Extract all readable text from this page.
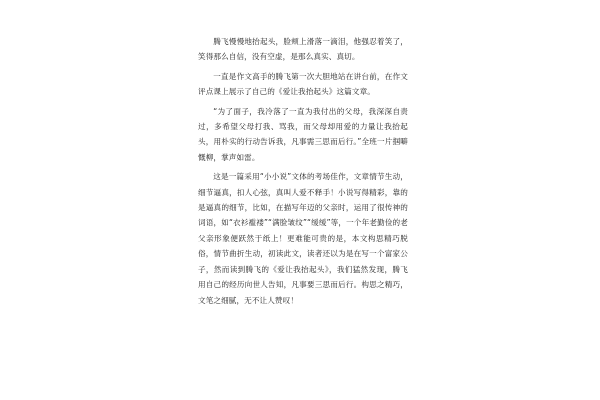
腾飞慢慢地抬起头，脸颊上滑落一滴泪，他强忍着笑了，笑得那么自信，没有空虚，是那么真实、真切。

一直是作文高手的腾飞第一次大胆地站在讲台前，在作文评点课上展示了自己的《爱让我抬起头》这篇文章。

“为了面子，我冷落了一直为我付出的父母，我深深自责过，多希望父母打我、骂我，而父母却用爱的力量让我抬起头，用朴实的行动告诉我，凡事需三思而后行。”全班一片掴噼慨柳，掌声如雷。

这是一篇采用“小小说”文体的考场佳作，文章情节生动，细节逼真，扣人心弦，真叫人爱不释手！小说写得精彩，靠的是逼真的细节，比如，在描写年迈的父亲时，运用了很传神的词语，如“衣衫褴褛”“满脸皱纹”“缓缓”等，一个年老勤俭的老父亲形象便跃然于纸上！更难能可贵的是，本文构思精巧脱俗，情节曲折生动，初读此文，读者还以为是在写一个富家公子，然而读到腾飞的《爱让我抬起头》，我们猛然发现，腾飞用自己的经历向世人告知，凡事要三思而后行。构思之精巧，文笔之细腻，无不让人赞叹！
